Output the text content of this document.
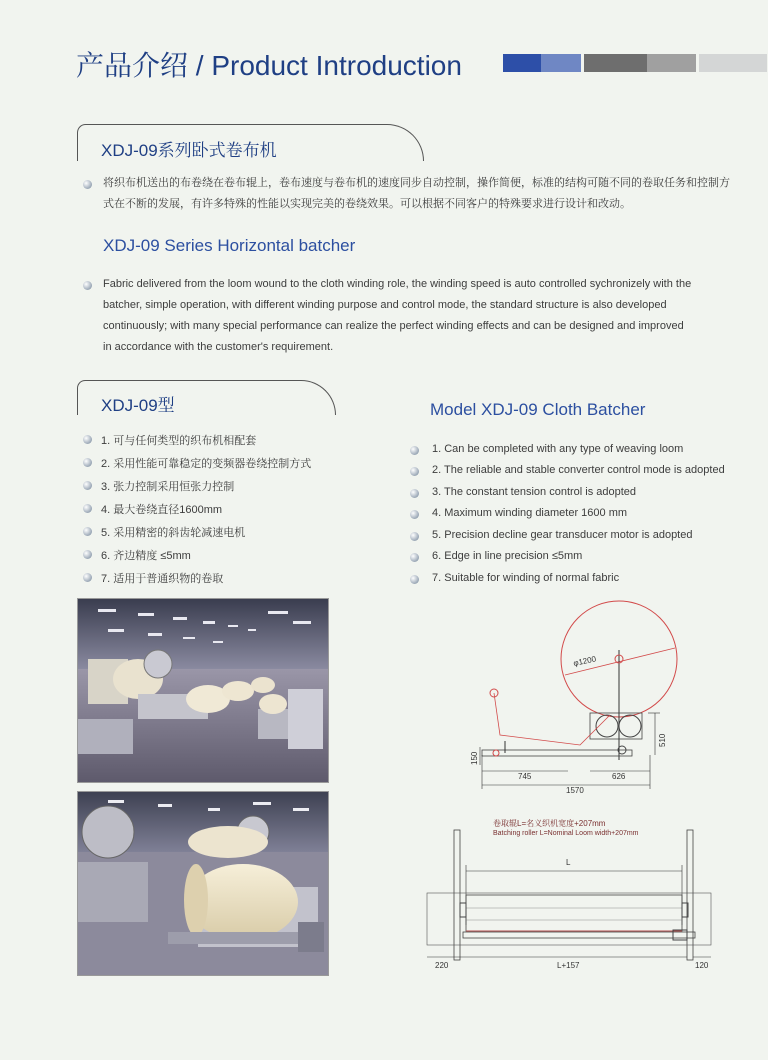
产品介绍 / Product Introduction
XDJ-09系列卧式卷布机
将织布机送出的布卷绕在卷布辊上，卷布速度与卷布机的速度同步自动控制，操作简便，标准的结构可随不同的卷取任务和控制方
式在不断的发展，有许多特殊的性能以实现完美的卷绕效果。可以根据不同客户的特殊要求进行设计和改动。
XDJ-09 Series Horizontal batcher
Fabric delivered from the loom wound to the cloth winding role, the winding speed is auto controlled sychronizely with the
batcher, simple operation, with different winding purpose and control mode, the standard structure is also developed
continuously; with many special performance can realize the perfect winding effects and can be designed and improved
in accordance with the customer's requirement.
XDJ-09型	Model XDJ-09 Cloth Batcher
1. 可与任何类型的织布机相配套
2. 采用性能可靠稳定的变频器卷绕控制方式
3. 张力控制采用恒张力控制
4. 最大卷绕直径1600mm
5. 采用精密的斜齿轮减速电机
6. 齐边精度 ≤5mm
7. 适用于普通织物的卷取
1. Can be completed with any type of weaving loom
2. The reliable and stable converter control mode is adopted
3. The constant tension control is adopted
4. Maximum winding diameter 1600 mm
5. Precision decline gear transducer motor is adopted
6. Edge in line precision ≤5mm
7. Suitable for winding of normal fabric
φ1200
150
510
745	626
1570
卷取辊L=名义织机宽度+207mm
Batching roller L=Nominal Loom width+207mm
L
220	L+157	120
